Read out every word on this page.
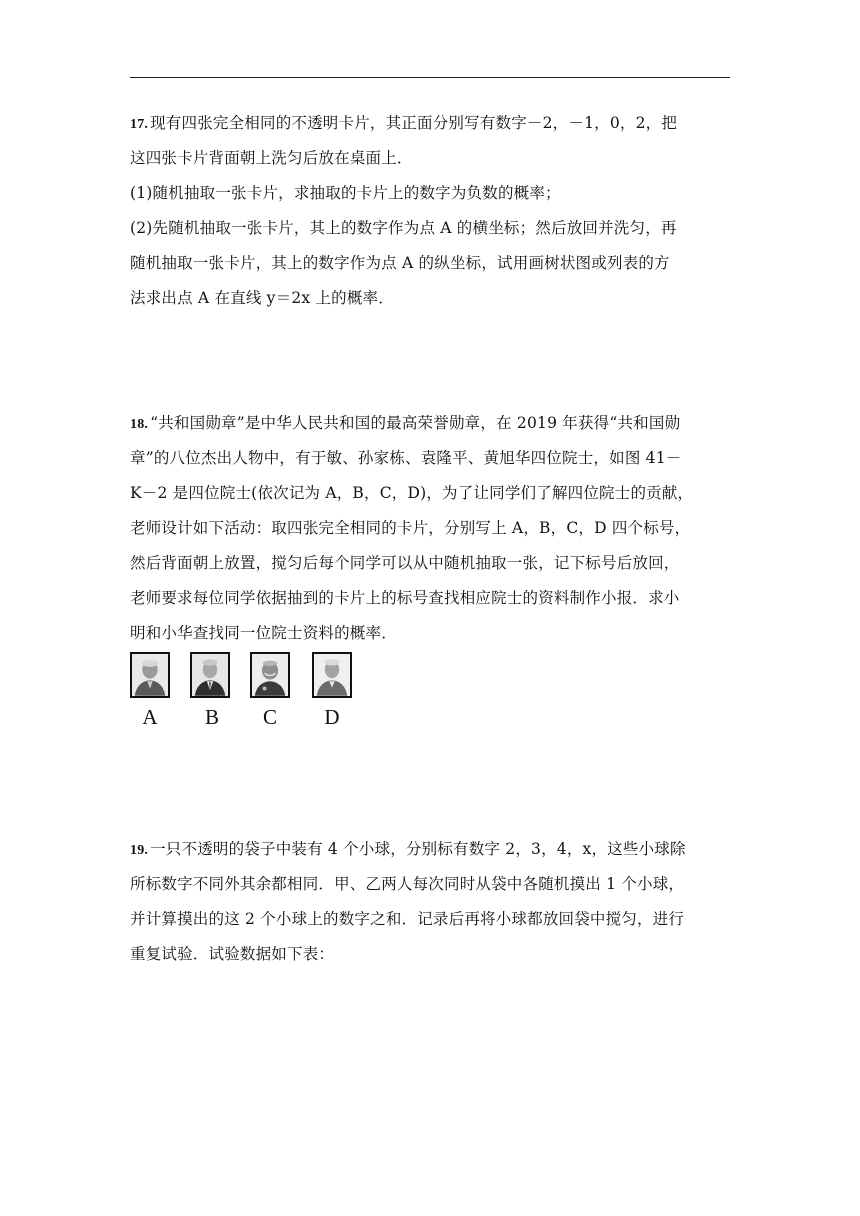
17. 现有四张完全相同的不透明卡片，其正面分别写有数字－2，－1，0，2，把
这四张卡片背面朝上洗匀后放在桌面上．
(1)随机抽取一张卡片，求抽取的卡片上的数字为负数的概率；
(2)先随机抽取一张卡片，其上的数字作为点 A 的横坐标；然后放回并洗匀，再
随机抽取一张卡片，其上的数字作为点 A 的纵坐标，试用画树状图或列表的方
法求出点 A 在直线 y＝2x 上的概率．
18. “共和国勋章”是中华人民共和国的最高荣誉勋章，在 2019 年获得“共和国勋
章”的八位杰出人物中，有于敏、孙家栋、袁隆平、黄旭华四位院士，如图 41－
K－2 是四位院士(依次记为 A，B，C，D)，为了让同学们了解四位院士的贡献，
老师设计如下活动：取四张完全相同的卡片，分别写上 A，B，C，D 四个标号，
然后背面朝上放置，搅匀后每个同学可以从中随机抽取一张，记下标号后放回，
老师要求每位同学依据抽到的卡片上的标号查找相应院士的资料制作小报．求小
明和小华查找同一位院士资料的概率．
A	B	C	D
19. 一只不透明的袋子中装有 4 个小球，分别标有数字 2，3，4，x，这些小球除
所标数字不同外其余都相同．甲、乙两人每次同时从袋中各随机摸出 1 个小球，
并计算摸出的这 2 个小球上的数字之和．记录后再将小球都放回袋中搅匀，进行
重复试验．试验数据如下表：
